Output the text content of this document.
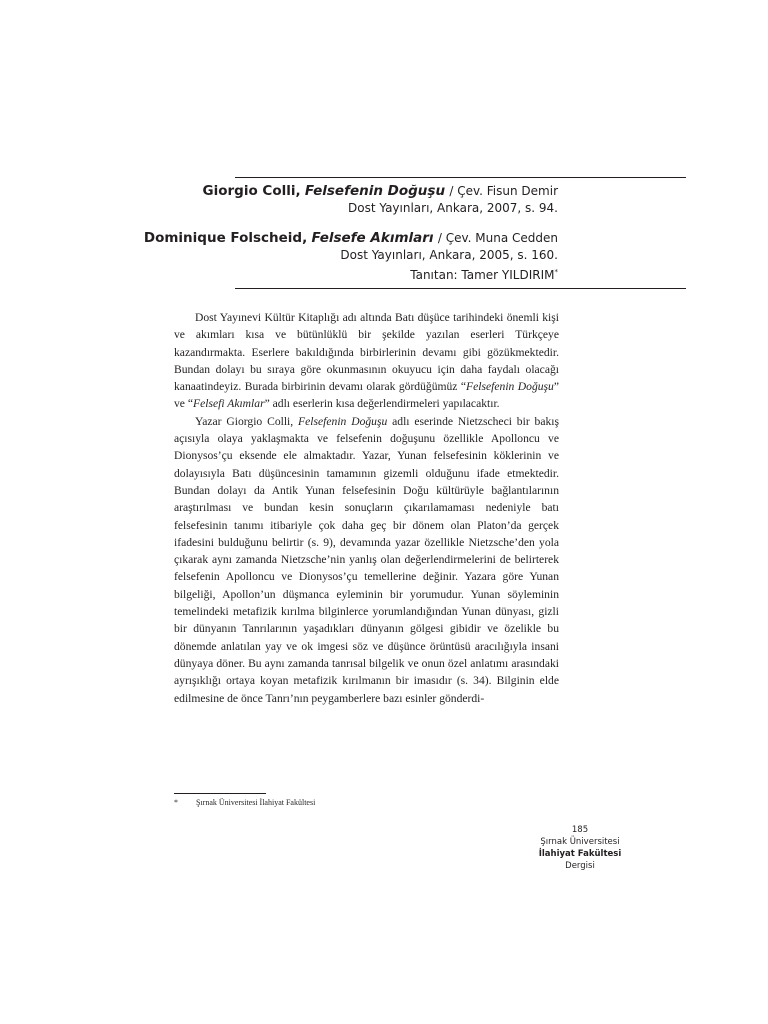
Giorgio Colli, Felsefenin Doğuşu / Çev. Fisun Demir
Dost Yayınları, Ankara, 2007, s. 94.
Dominique Folscheid, Felsefe Akımları / Çev. Muna Cedden
Dost Yayınları, Ankara, 2005, s. 160.
Tanıtan: Tamer YILDIRIM*

Dost Yayınevi Kültür Kitaplığı adı altında Batı düşüce tarihindeki önemli kişi ve akımları kısa ve bütünlüklü bir şekilde yazılan eserleri Türkçeye kazandırmakta. Eserlere bakıldığında birbirlerinin devamı gibi gözükmektedir. Bundan dolayı bu sıraya göre okunmasının okuyucu için daha faydalı olacağı kanaatindeyiz. Burada birbirinin devamı olarak gördüğümüz “Felsefenin Doğuşu” ve “Felsefi Akımlar” adlı eserlerin kısa değerlendirmeleri yapılacaktır.

Yazar Giorgio Colli, Felsefenin Doğuşu adlı eserinde Nietzscheci bir bakış açısıyla olaya yaklaşmakta ve felsefenin doğuşunu özellikle Apolloncu ve Dionysos’çu eksende ele almaktadır. Yazar, Yunan felsefesinin köklerinin ve dolayısıyla Batı düşüncesinin tamamının gizemli olduğunu ifade etmektedir. Bundan dolayı da Antik Yunan felsefesinin Doğu kültürüyle bağlantılarının araştırılması ve bundan kesin sonuçların çıkarılamaması nedeniyle batı felsefesinin tanımı itibariyle çok daha geç bir dönem olan Platon’da gerçek ifadesini bulduğunu belirtir (s. 9), devamında yazar özellikle Nietzsche’den yola çıkarak aynı zamanda Nietzsche’nin yanlış olan değerlendirmelerini de belirterek felsefenin Apolloncu ve Dionysos’çu temellerine değinir. Yazara göre Yunan bilgeliği, Apollon’un düşmanca eyleminin bir yorumudur. Yunan söyleminin temelindeki metafizik kırılma bilginlerce yorumlandığından Yunan dünyası, gizli bir dünyanın Tanrılarının yaşadıkları dünyanın gölgesi gibidir ve özelikle bu dönemde anlatılan yay ve ok imgesi söz ve düşünce örüntüsü aracılığıyla insani dünyaya döner. Bu aynı zamanda tanrısal bilgelik ve onun özel anlatımı arasındaki ayrışıklığı ortaya koyan metafizik kırılmanın bir imasıdır (s. 34). Bilginin elde edilmesine de önce Tanrı’nın peygamberlere bazı esinler gönderdi-

* Şırnak Üniversitesi İlahiyat Fakültesi
185
Şırnak Üniversitesi
İlahiyat Fakültesi
Dergisi
